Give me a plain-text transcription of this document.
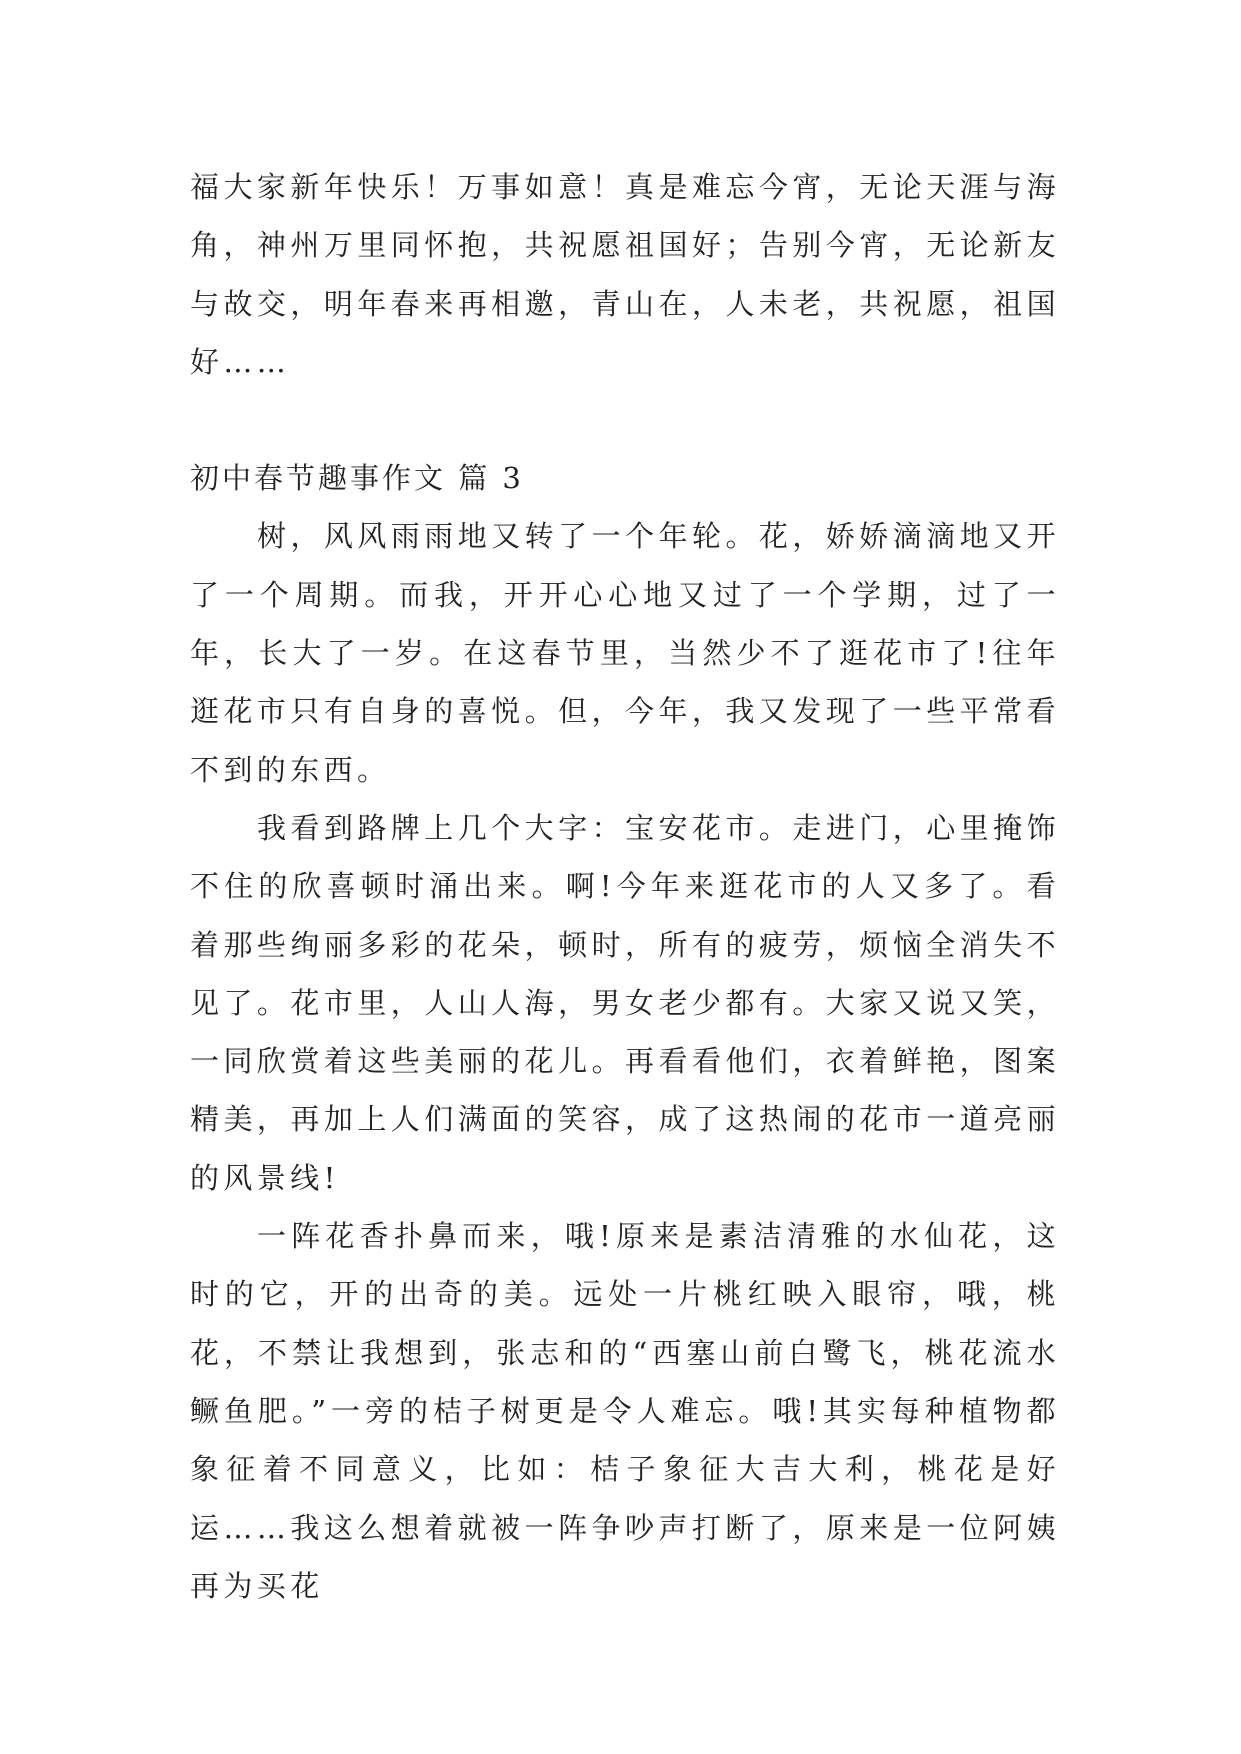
福大家新年快乐！万事如意！真是难忘今宵，无论天涯与海角，神州万里同怀抱，共祝愿祖国好；告别今宵，无论新友与故交，明年春来再相邀，青山在，人未老，共祝愿，祖国好……

初中春节趣事作文 篇 3

树，风风雨雨地又转了一个年轮。花，娇娇滴滴地又开了一个周期。而我，开开心心地又过了一个学期，过了一年，长大了一岁。在这春节里，当然少不了逛花市了!往年逛花市只有自身的喜悦。但，今年，我又发现了一些平常看不到的东西。

我看到路牌上几个大字：宝安花市。走进门，心里掩饰不住的欣喜顿时涌出来。啊!今年来逛花市的人又多了。看着那些绚丽多彩的花朵，顿时，所有的疲劳，烦恼全消失不见了。花市里，人山人海，男女老少都有。大家又说又笑，一同欣赏着这些美丽的花儿。再看看他们，衣着鲜艳，图案精美，再加上人们满面的笑容，成了这热闹的花市一道亮丽的风景线!

一阵花香扑鼻而来，哦!原来是素洁清雅的水仙花，这时的它，开的出奇的美。远处一片桃红映入眼帘，哦，桃花，不禁让我想到，张志和的“西塞山前白鹭飞，桃花流水鳜鱼肥。”一旁的桔子树更是令人难忘。哦!其实每种植物都象征着不同意义，比如：桔子象征大吉大利，桃花是好运……我这么想着就被一阵争吵声打断了，原来是一位阿姨再为买花
